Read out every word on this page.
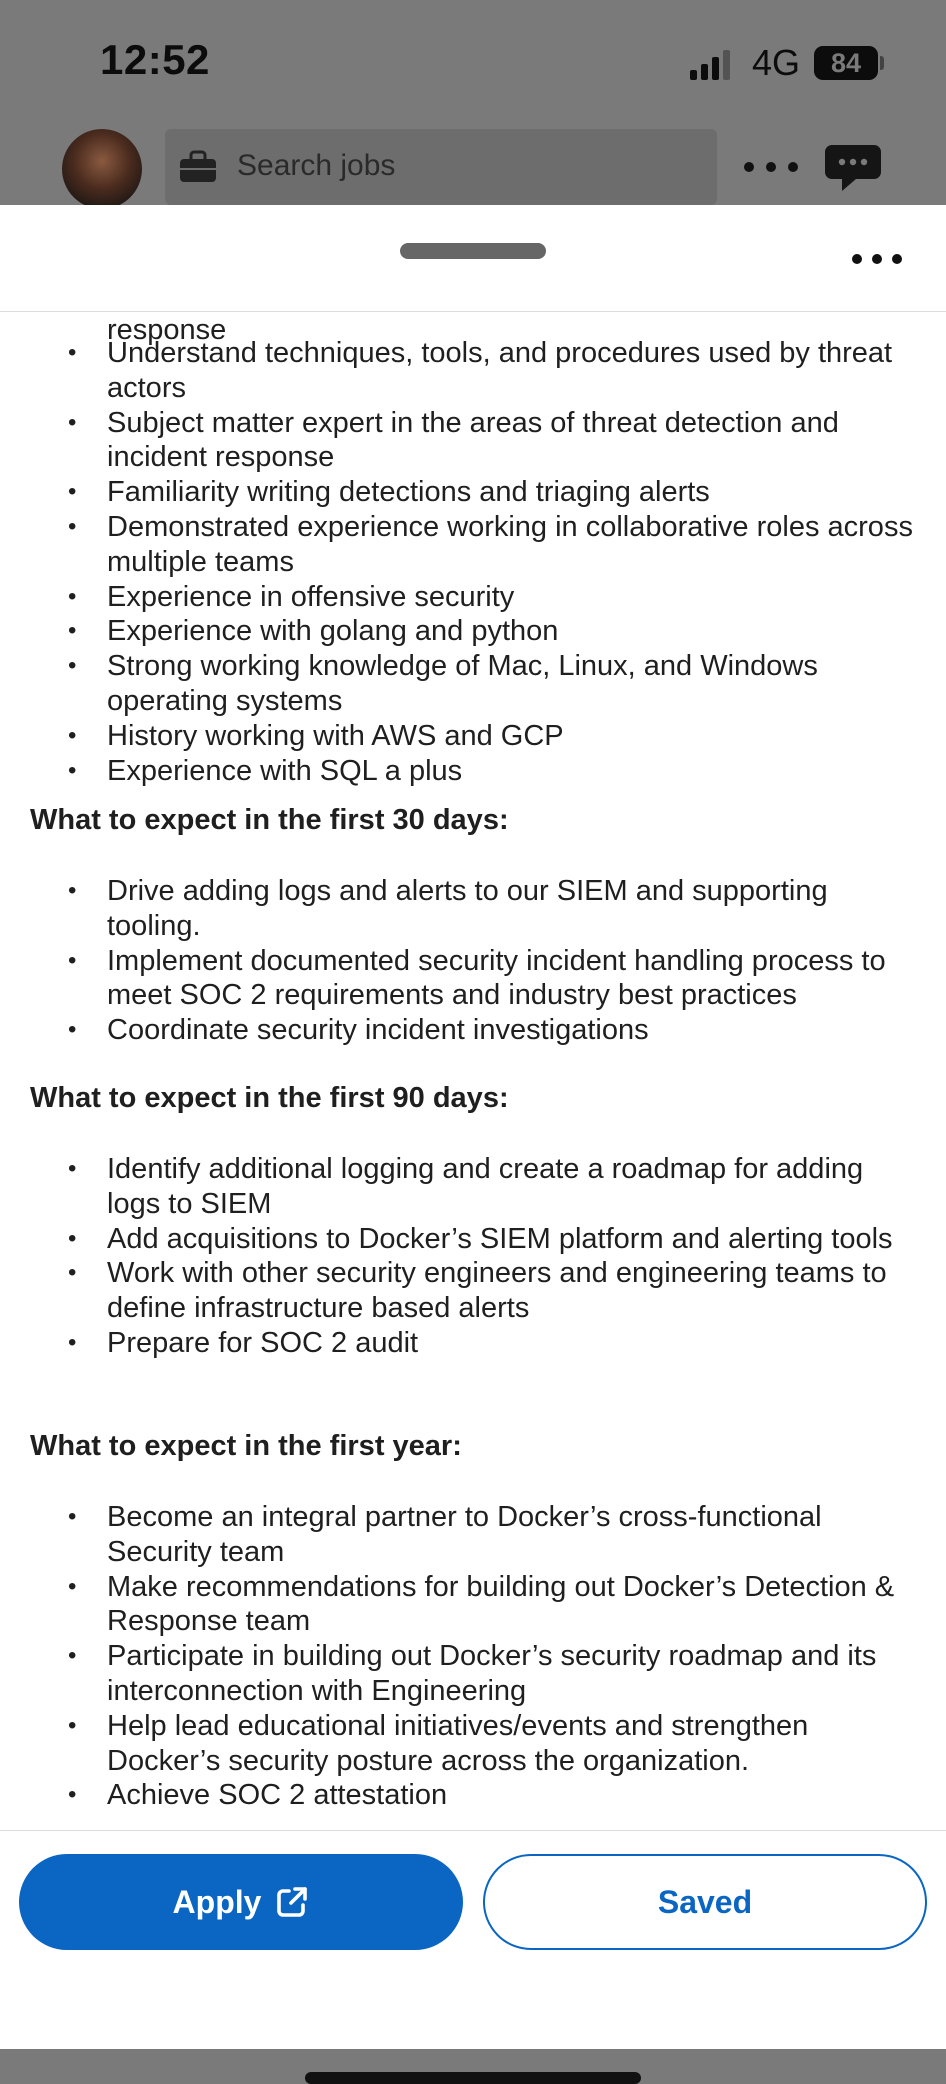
12:52	4G 84
Search jobs
response
• Understand techniques, tools, and procedures used by threat actors
• Subject matter expert in the areas of threat detection and incident response
• Familiarity writing detections and triaging alerts
• Demonstrated experience working in collaborative roles across multiple teams
• Experience in offensive security
• Experience with golang and python
• Strong working knowledge of Mac, Linux, and Windows operating systems
• History working with AWS and GCP
• Experience with SQL a plus
What to expect in the first 30 days:
• Drive adding logs and alerts to our SIEM and supporting tooling.
• Implement documented security incident handling process to meet SOC 2 requirements and industry best practices
• Coordinate security incident investigations
What to expect in the first 90 days:
• Identify additional logging and create a roadmap for adding logs to SIEM
• Add acquisitions to Docker’s SIEM platform and alerting tools
• Work with other security engineers and engineering teams to define infrastructure based alerts
• Prepare for SOC 2 audit
What to expect in the first year:
• Become an integral partner to Docker’s cross-functional Security team
• Make recommendations for building out Docker’s Detection & Response team
• Participate in building out Docker’s security roadmap and its interconnection with Engineering
• Help lead educational initiatives/events and strengthen Docker’s security posture across the organization.
• Achieve SOC 2 attestation
Apply	Saved
